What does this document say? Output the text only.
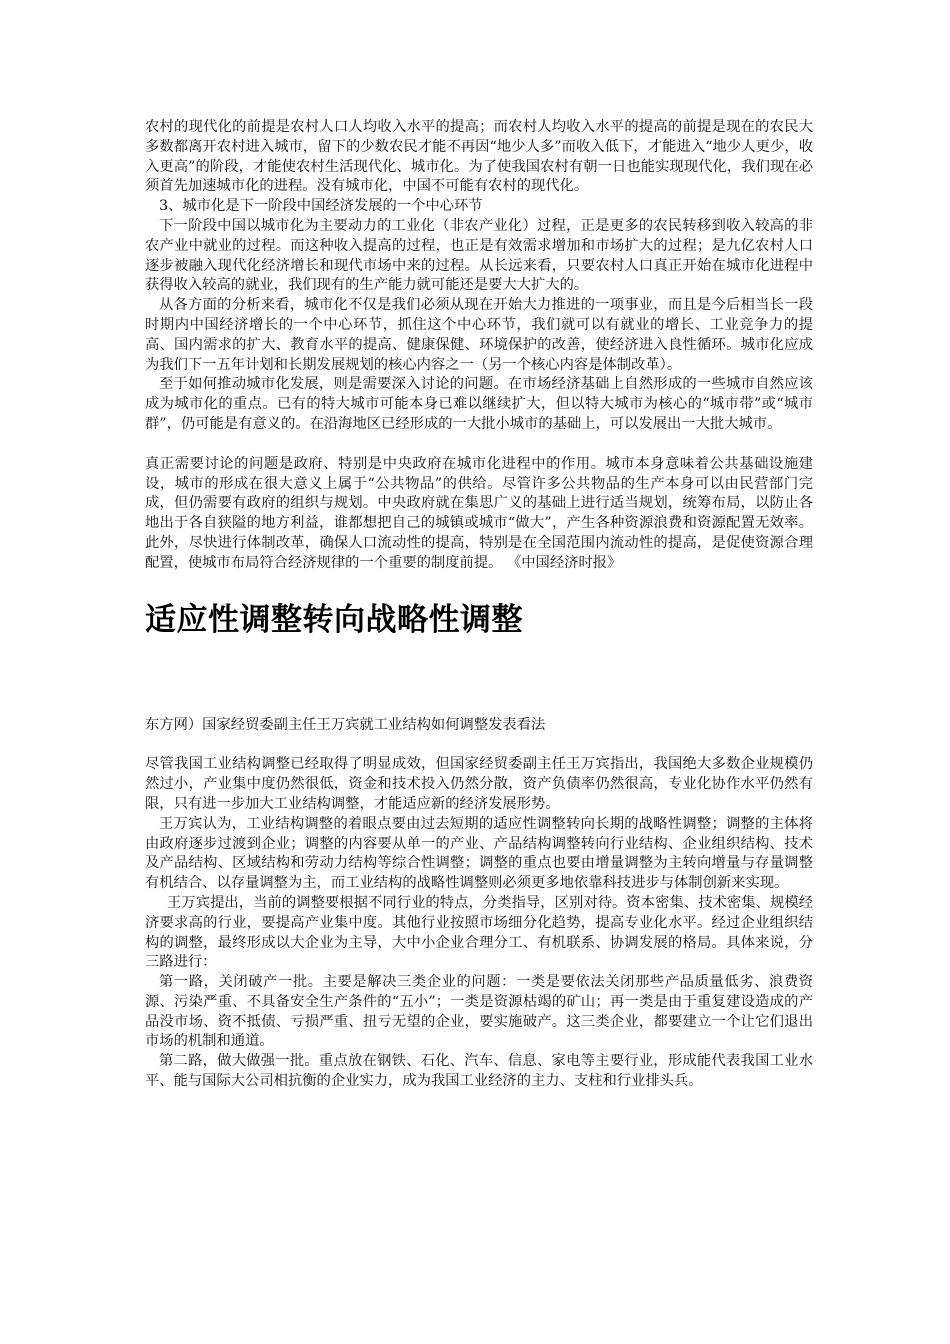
农村的现代化的前提是农村人口人均收入水平的提高；而农村人均收入水平的提高的前提是现在的农民大多数都离开农村进入城市，留下的少数农民才能不再因“地少人多”而收入低下，才能进入“地少人更少，收入更高”的阶段，才能使农村生活现代化、城市化。为了使我国农村有朝一日也能实现现代化，我们现在必须首先加速城市化的进程。没有城市化，中国不可能有农村的现代化。

3、城市化是下一阶段中国经济发展的一个中心环节

下一阶段中国以城市化为主要动力的工业化（非农产业化）过程，正是更多的农民转移到收入较高的非农产业中就业的过程。而这种收入提高的过程，也正是有效需求增加和市场扩大的过程；是九亿农村人口逐步被融入现代化经济增长和现代市场中来的过程。从长远来看，只要农村人口真正开始在城市化进程中获得收入较高的就业，我们现有的生产能力就可能还是要大大扩大的。

从各方面的分析来看，城市化不仅是我们必须从现在开始大力推进的一项事业，而且是今后相当长一段时期内中国经济增长的一个中心环节，抓住这个中心环节，我们就可以有就业的增长、工业竞争力的提高、国内需求的扩大、教育水平的提高、健康保健、环境保护的改善，使经济进入良性循环。城市化应成为我们下一五年计划和长期发展规划的核心内容之一（另一个核心内容是体制改革）。

至于如何推动城市化发展，则是需要深入讨论的问题。在市场经济基础上自然形成的一些城市自然应该成为城市化的重点。已有的特大城市可能本身已难以继续扩大，但以特大城市为核心的“城市带”或“城市群”，仍可能是有意义的。在沿海地区已经形成的一大批小城市的基础上，可以发展出一大批大城市。

真正需要讨论的问题是政府、特别是中央政府在城市化进程中的作用。城市本身意味着公共基础设施建设，城市的形成在很大意义上属于“公共物品”的供给。尽管许多公共物品的生产本身可以由民营部门完成，但仍需要有政府的组织与规划。中央政府就在集思广义的基础上进行适当规划，统筹布局，以防止各地出于各自狭隘的地方利益，谁都想把自己的城镇或城市“做大”，产生各种资源浪费和资源配置无效率。此外，尽快进行体制改革，确保人口流动性的提高，特别是在全国范围内流动性的提高，是促使资源合理配置，使城市布局符合经济规律的一个重要的制度前提。 《中国经济时报》

适应性调整转向战略性调整

东方网）国家经贸委副主任王万宾就工业结构如何调整发表看法

尽管我国工业结构调整已经取得了明显成效，但国家经贸委副主任王万宾指出，我国绝大多数企业规模仍然过小，产业集中度仍然很低，资金和技术投入仍然分散，资产负债率仍然很高，专业化协作水平仍然有限，只有进一步加大工业结构调整，才能适应新的经济发展形势。

王万宾认为，工业结构调整的着眼点要由过去短期的适应性调整转向长期的战略性调整；调整的主体将由政府逐步过渡到企业；调整的内容要从单一的产业、产品结构调整转向行业结构、企业组织结构、技术及产品结构、区域结构和劳动力结构等综合性调整；调整的重点也要由增量调整为主转向增量与存量调整有机结合、以存量调整为主，而工业结构的战略性调整则必须更多地依靠科技进步与体制创新来实现。

王万宾提出，当前的调整要根据不同行业的特点，分类指导，区别对待。资本密集、技术密集、规模经济要求高的行业，要提高产业集中度。其他行业按照市场细分化趋势，提高专业化水平。经过企业组织结构的调整，最终形成以大企业为主导，大中小企业合理分工、有机联系、协调发展的格局。具体来说，分三路进行：

第一路，关闭破产一批。主要是解决三类企业的问题：一类是要依法关闭那些产品质量低劣、浪费资源、污染严重、不具备安全生产条件的“五小”；一类是资源枯竭的矿山；再一类是由于重复建设造成的产品没市场、资不抵债、亏损严重、扭亏无望的企业，要实施破产。这三类企业，都要建立一个让它们退出市场的机制和通道。

第二路，做大做强一批。重点放在钢铁、石化、汽车、信息、家电等主要行业，形成能代表我国工业水平、能与国际大公司相抗衡的企业实力，成为我国工业经济的主力、支柱和行业排头兵。
